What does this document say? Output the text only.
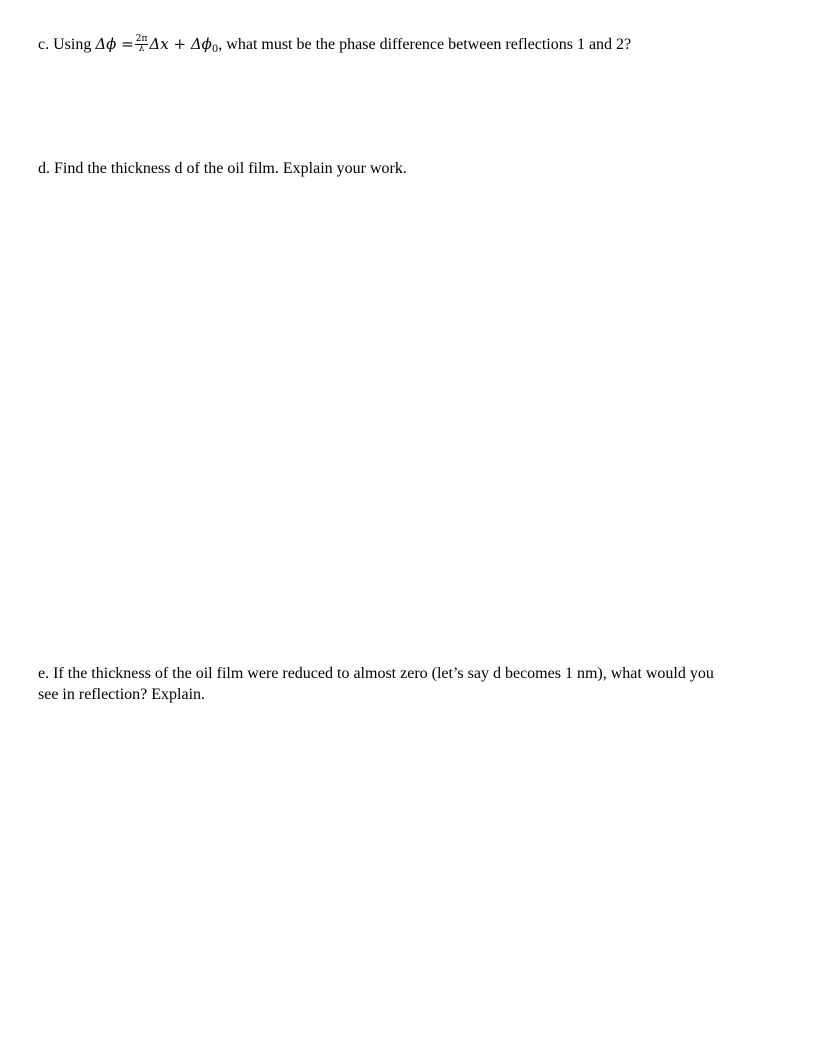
c. Using $\Delta\phi = \frac{2\pi}{\lambda}$ $\Delta x + \Delta\phi_0$, what must be the phase difference between reflections 1 and 2?

d. Find the thickness d of the oil film. Explain your work.

e. If the thickness of the oil film were reduced to almost zero (let’s say d becomes 1 nm), what would you see in reflection? Explain.
